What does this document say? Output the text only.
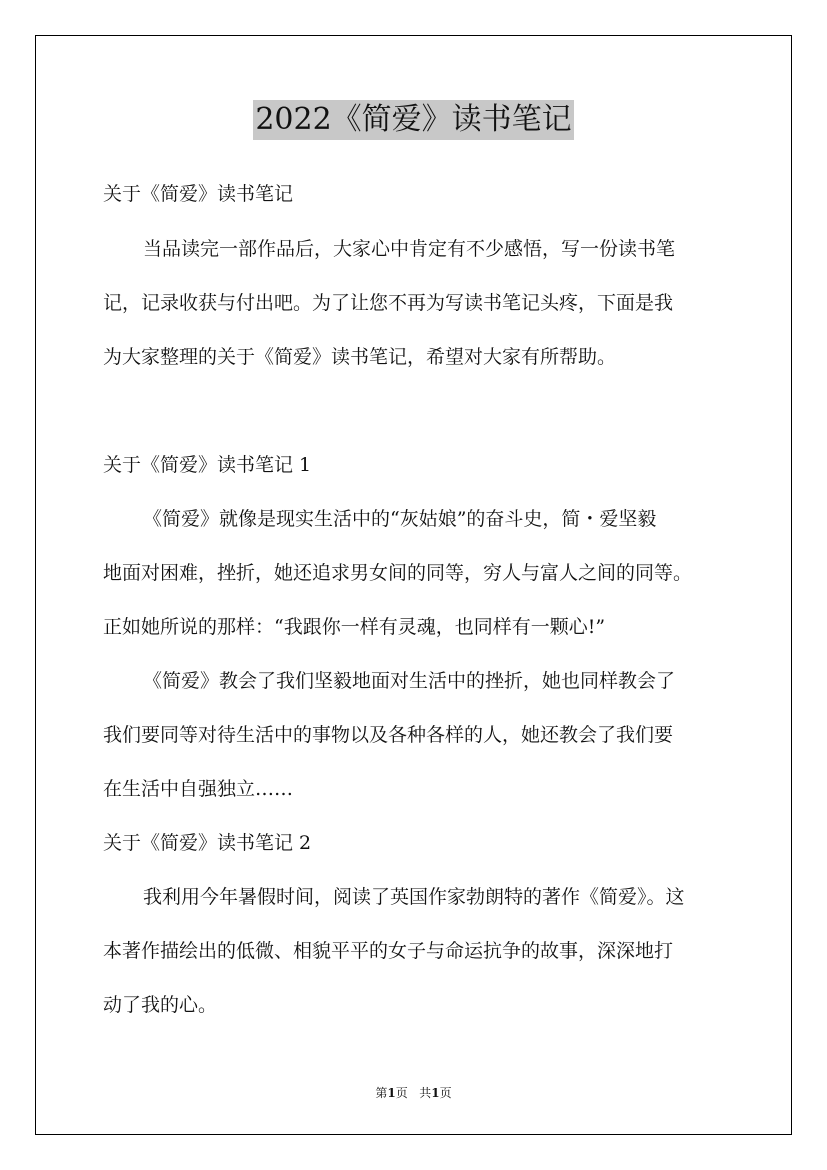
2022《简爱》读书笔记
关于《简爱》读书笔记
当品读完一部作品后，大家心中肯定有不少感悟，写一份读书笔
记，记录收获与付出吧。为了让您不再为写读书笔记头疼，下面是我
为大家整理的关于《简爱》读书笔记，希望对大家有所帮助。
关于《简爱》读书笔记 1
《简爱》就像是现实生活中的“灰姑娘”的奋斗史，简・爱坚毅
地面对困难，挫折，她还追求男女间的同等，穷人与富人之间的同等。
正如她所说的那样：“我跟你一样有灵魂，也同样有一颗心!”
《简爱》教会了我们坚毅地面对生活中的挫折，她也同样教会了
我们要同等对待生活中的事物以及各种各样的人，她还教会了我们要
在生活中自强独立……
关于《简爱》读书笔记 2
我利用今年暑假时间，阅读了英国作家勃朗特的著作《简爱》。这
本著作描绘出的低微、相貌平平的女子与命运抗争的故事，深深地打
动了我的心。
第1页 共1页
